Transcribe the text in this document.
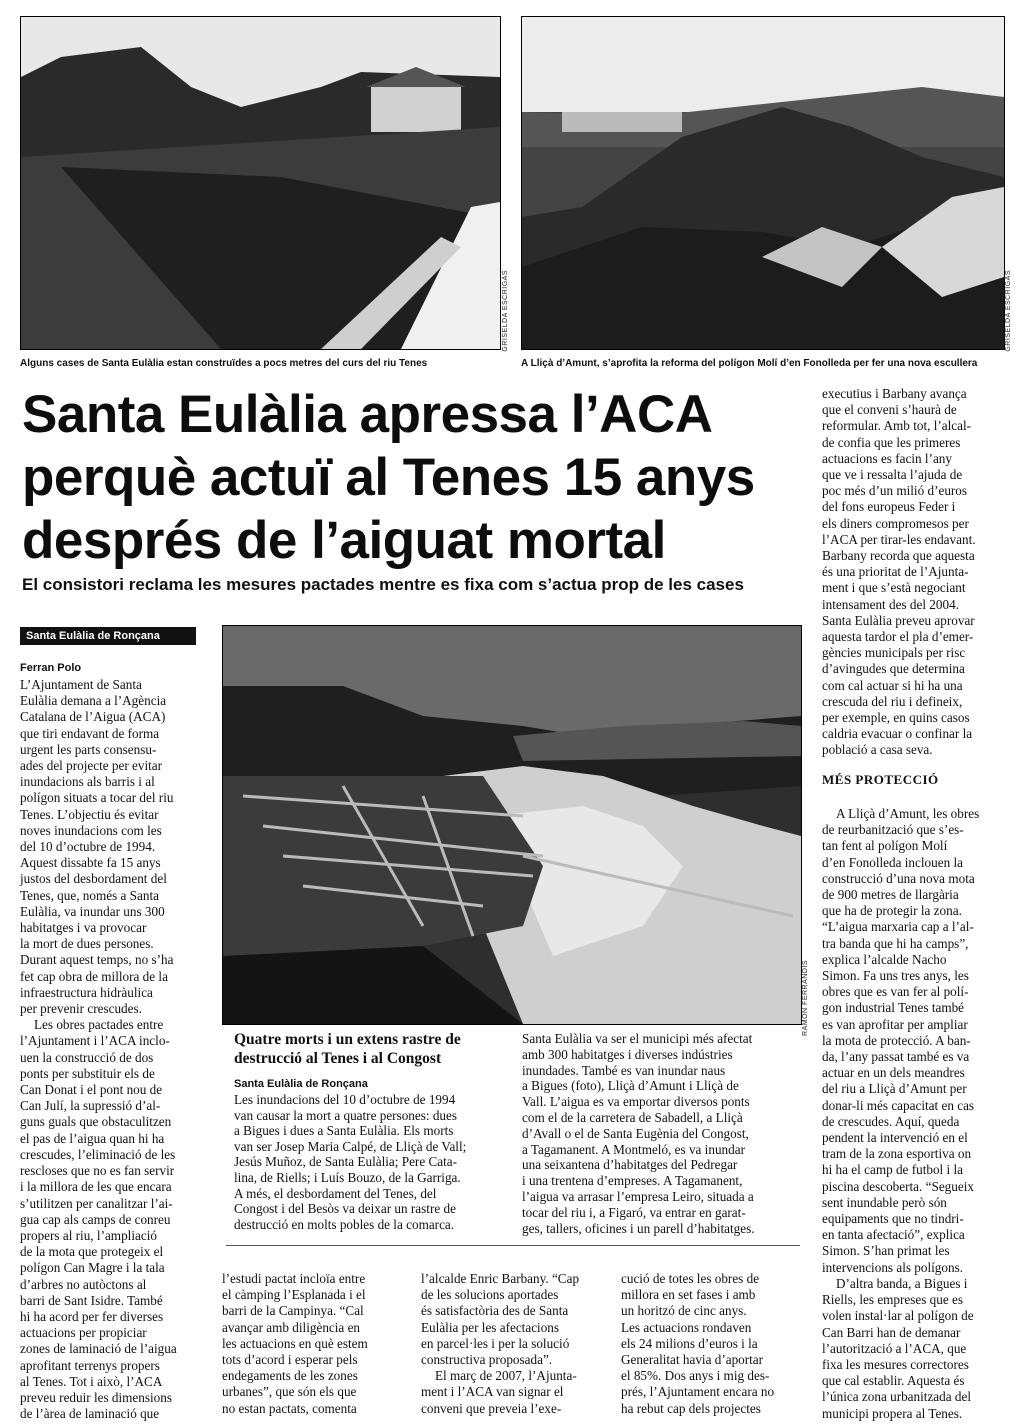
GRISELDA ESCRIGAS
Alguns cases de Santa Eulàlia estan construïdes a pocs metres del curs del riu Tenes
GRISELDA ESCRIGAS
A Lliçà d’Amunt, s’aprofita la reforma del polígon Molí d’en Fonolleda per fer una nova escullera
Santa Eulàlia apressa l’ACA
perquè actuï al Tenes 15 anys
després de l’aiguat mortal
El consistori reclama les mesures pactades mentre es fixa com s’actua prop de les cases
Santa Eulàlia de Ronçana
Ferran Polo

L’Ajuntament de Santa

Eulàlia demana a l’Agència

Catalana de l’Aigua (ACA)

que tiri endavant de forma

urgent les parts consensu-

ades del projecte per evitar

inundacions als barris i al

polígon situats a tocar del riu

Tenes. L’objectiu és evitar

noves inundacions com les

del 10 d’octubre de 1994.

Aquest dissabte fa 15 anys

justos del desbordament del

Tenes, que, només a Santa

Eulàlia, va inundar uns 300

habitatges i va provocar

la mort de dues persones.

Durant aquest temps, no s’ha

fet cap obra de millora de la

infraestructura hidràulica

per prevenir crescudes.

Les obres pactades entre

l’Ajuntament i l’ACA inclo-

uen la construcció de dos

ponts per substituir els de

Can Donat i el pont nou de

Can Julí, la supressió d’al-

guns guals que obstaculitzen

el pas de l’aigua quan hi ha

crescudes, l’eliminació de les

rescloses que no es fan servir

i la millora de les que encara

s’utilitzen per canalitzar l’ai-

gua cap als camps de conreu

propers al riu, l’ampliació

de la mota que protegeix el

polígon Can Magre i la tala

d’arbres no autòctons al

barri de Sant Isidre. També

hi ha acord per fer diverses

actuacions per propiciar

zones de laminació de l’aigua

aprofitant terrenys propers

al Tenes. Tot i això, l’ACA

preveu reduir les dimensions

de l’àrea de laminació que

RAMON FERRANDIS
Quatre morts i un extens rastre de
destrucció al Tenes i al Congost
Santa Eulàlia de Ronçana

Les inundacions del 10 d’octubre de 1994

van causar la mort a quatre persones: dues

a Bigues i dues a Santa Eulàlia. Els morts

van ser Josep Maria Calpé, de Lliçà de Vall;

Jesús Muñoz, de Santa Eulàlia; Pere Cata-

lina, de Riells; i Luís Bouzo, de la Garriga.

A més, el desbordament del Tenes, del

Congost i del Besòs va deixar un rastre de

destrucció en molts pobles de la comarca.

Santa Eulàlia va ser el municipi més afectat

amb 300 habitatges i diverses indústries

inundades. També es van inundar naus

a Bigues (foto), Lliçà d’Amunt i Lliçà de

Vall. L’aigua es va emportar diversos ponts

com el de la carretera de Sabadell, a Lliçà

d’Avall o el de Santa Eugènia del Congost,

a Tagamanent. A Montmeló, es va inundar

una seixantena d’habitatges del Pedregar

i una trentena d’empreses. A Tagamanent,

l’aigua va arrasar l’empresa Leiro, situada a

tocar del riu i, a Figaró, va entrar en garat-

ges, tallers, oficines i un parell d’habitatges.

l’estudi pactat incloïa entre

el càmping l’Esplanada i el

barri de la Campinya. “Cal

avançar amb diligència en

les actuacions en què estem

tots d’acord i esperar pels

endegaments de les zones

urbanes”, que són els que

no estan pactats, comenta

l’alcalde Enric Barbany. “Cap

de les solucions aportades

és satisfactòria des de Santa

Eulàlia per les afectacions

en parcel·les i per la solució

constructiva proposada”.

El març de 2007, l’Ajunta-

ment i l’ACA van signar el

conveni que preveia l’exe-

cució de totes les obres de

millora en set fases i amb

un horitzó de cinc anys.

Les actuacions rondaven

els 24 milions d’euros i la

Generalitat havia d’aportar

el 85%. Dos anys i mig des-

prés, l’Ajuntament encara no

ha rebut cap dels projectes

executius i Barbany avança

que el conveni s’haurà de

reformular. Amb tot, l’alcal-

de confia que les primeres

actuacions es facin l’any

que ve i ressalta l’ajuda de

poc més d’un milió d’euros

del fons europeus Feder i

els diners compromesos per

l’ACA per tirar-les endavant.

Barbany recorda que aquesta

és una prioritat de l’Ajunta-

ment i que s’està negociant

intensament des del 2004.

Santa Eulàlia preveu aprovar

aquesta tardor el pla d’emer-

gències municipals per risc

d’avingudes que determina

com cal actuar si hi ha una

crescuda del riu i defineix,

per exemple, en quins casos

caldria evacuar o confinar la

població a casa seva.

MÉS PROTECCIÓ

A Lliçà d’Amunt, les obres

de reurbanització que s’es-

tan fent al polígon Molí

d’en Fonolleda inclouen la

construcció d’una nova mota

de 900 metres de llargària

que ha de protegir la zona.

“L’aigua marxaria cap a l’al-

tra banda que hi ha camps”,

explica l’alcalde Nacho

Simon. Fa uns tres anys, les

obres que es van fer al polí-

gon industrial Tenes també

es van aprofitar per ampliar

la mota de protecció. A ban-

da, l’any passat també es va

actuar en un dels meandres

del riu a Lliçà d’Amunt per

donar-li més capacitat en cas

de crescudes. Aquí, queda

pendent la intervenció en el

tram de la zona esportiva on

hi ha el camp de futbol i la

piscina descoberta. “Segueix

sent inundable però són

equipaments que no tindri-

en tanta afectació”, explica

Simon. S’han primat les

intervencions als polígons.

D’altra banda, a Bigues i

Riells, les empreses que es

volen instal·lar al polígon de

Can Barri han de demanar

l’autorització a l’ACA, que

fixa les mesures correctores

que cal establir. Aquesta és

l’única zona urbanitzada del

municipi propera al Tenes.
